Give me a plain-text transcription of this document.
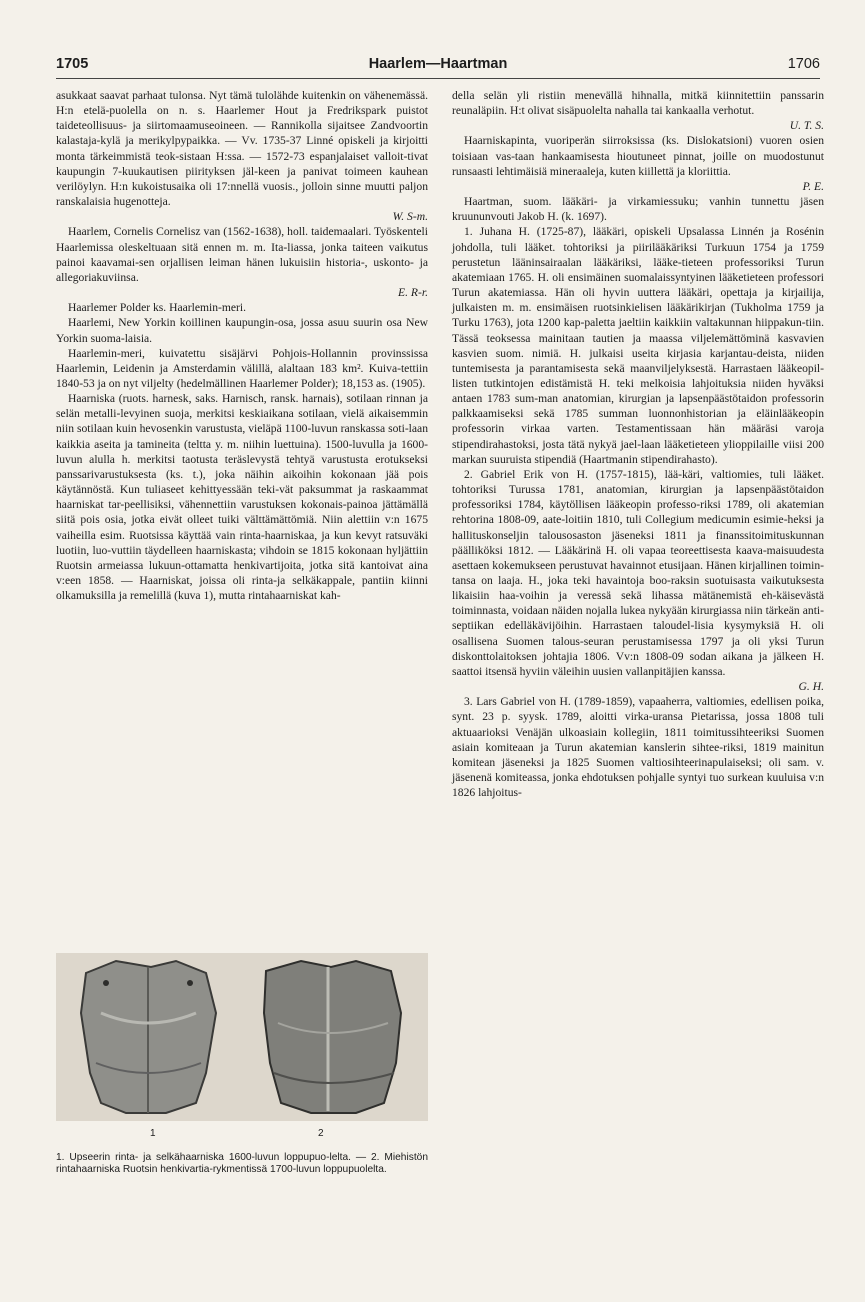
1705	Haarlem—Haartman	1706

asukkaat saavat parhaat tulonsa. Nyt tämä tulolähde kuitenkin on vähenemässä. H:n etelä-puolella on n. s. Haarlemer Hout ja Fredrikspark puistot taideteollisuus- ja siirtomaamuseoineen. — Rannikolla sijaitsee Zandvoortin kalastaja-kylä ja merikylpypaikka. — Vv. 1735-37 Linné opiskeli ja kirjoitti monta tärkeimmistä teok-sistaan H:ssa. — 1572-73 espanjalaiset valloit-tivat kaupungin 7-kuukautisen piirityksen jäl-keen ja panivat toimeen kauhean verilöylyn. H:n kukoistusaika oli 17:nnellä vuosis., jolloin sinne muutti paljon ranskalaisia hugenotteja.

W. S-m.

Haarlem, Cornelis Cornelisz van (1562-1638), holl. taidemaalari. Työskenteli Haarlemissa oleskeltuaan sitä ennen m. m. Ita-liassa, jonka taiteen vaikutus painoi kaavamai-sen orjallisen leiman hänen lukuisiin historia-, uskonto- ja allegoriakuviinsa.

E. R-r.

Haarlemer Polder ks. Haarlemin-meri.

Haarlemi, New Yorkin koillinen kaupungin-osa, jossa asuu suurin osa New Yorkin suoma-laisia.

Haarlemin-meri, kuivatettu sisäjärvi Pohjois-Hollannin provinssissa Haarlemin, Leidenin ja Amsterdamin välillä, alaltaan 183 km². Kuiva-tettiin 1840-53 ja on nyt viljelty (hedelmällinen Haarlemer Polder); 18,153 as. (1905).

Haarniska (ruots. harnesk, saks. Harnisch, ransk. harnais), sotilaan rinnan ja selän metalli-levyinen suoja, merkitsi keskiaikana sotilaan, vielä aikaisemmin niin sotilaan kuin hevosenkin varustusta, vieläpä 1100-luvun ranskassa soti-laan kaikkia aseita ja tamineita (teltta y. m. niihin luettuina). 1500-luvulla ja 1600-luvun alulla h. merkitsi taotusta teräslevystä tehtyä varustusta erotukseksi panssarivarustuksesta (ks. t.), joka näihin aikoihin kokonaan jää pois käytännöstä. Kun tuliaseet kehittyessään teki-vät paksummat ja raskaammat haarniskat tar-peellisiksi, vähennettiin varustuksen kokonais-painoa jättämällä siitä pois osia, jotka eivät olleet tuiki välttämättömiä. Niin alettiin v:n 1675 vaiheilla esim. Ruotsissa käyttää vain rinta-haarniskaa, ja kun kevyt ratsuväki luotiin, luo-vuttiin täydelleen haarniskasta; vihdoin se 1815 kokonaan hyljättiin Ruotsin armeiassa lukuun-ottamatta henkivartijoita, jotka sitä kantoivat aina v:een 1858. — Haarniskat, joissa oli rinta-ja selkäkappale, pantiin kiinni olkamuksilla ja remelillä (kuva 1), mutta rintahaarniskat kah-

1	2
1. Upseerin rinta- ja selkähaarniska 1600-luvun loppupuo-lelta. — 2. Miehistön rintahaarniska Ruotsin henkivartia-rykmentissä 1700-luvun loppupuolelta.

della selän yli ristiin menevällä hihnalla, mitkä kiinnitettiin panssarin reunaläpiin. H:t olivat sisäpuolelta nahalla tai kankaalla verhotut.

U. T. S.

Haarniskapinta, vuoriperän siirroksissa (ks. Dislokatsioni) vuoren osien toisiaan vas-taan hankaamisesta hioutuneet pinnat, joille on muodostunut runsaasti lehtimäisiä mineraaleja, kuten kiillettä ja kloriittia.

P. E.

Haartman, suom. lääkäri- ja virkamiessuku; vanhin tunnettu jäsen kruununvouti Jakob H. (k. 1697).

1. Juhana H. (1725-87), lääkäri, opiskeli Upsalassa Linnén ja Rosénin johdolla, tuli lääket. tohtoriksi ja piirilääkäriksi Turkuun 1754 ja 1759 perustetun lääninsairaalan lääkäriksi, lääke-tieteen professoriksi Turun akatemiaan 1765. H. oli ensimäinen suomalaissyntyinen lääketieteen professori Turun akatemiassa. Hän oli hyvin uuttera lääkäri, opettaja ja kirjailija, julkaisten m. m. ensimäisen ruotsinkielisen lääkärikirjan (Tukholma 1759 ja Turku 1763), jota 1200 kap-paletta jaeltiin kaikkiin valtakunnan hiippakun-tiin. Tässä teoksessa mainitaan tautien ja maassa viljelemättöminä kasvavien kasvien suom. nimiä. H. julkaisi useita kirjasia karjantau-deista, niiden tuntemisesta ja parantamisesta sekä maanviljelyksestä. Harrastaen lääkeopil-listen tutkintojen edistämistä H. teki melkoisia lahjoituksia niiden hyväksi antaen 1783 sum-man anatomian, kirurgian ja lapsenpäästötaidon professorin palkkaamiseksi sekä 1785 summan luonnonhistorian ja eläinlääkeopin professorin virkaa varten. Testamentissaan hän määräsi varoja stipendirahastoksi, josta tätä nykyä jael-laan lääketieteen ylioppilaille viisi 200 markan suuruista stipendiä (Haartmanin stipendirahasto).

2. Gabriel Erik von H. (1757-1815), lää-käri, valtiomies, tuli lääket. tohtoriksi Turussa 1781, anatomian, kirurgian ja lapsenpäästötaidon professoriksi 1784, käytöllisen lääkeopin professo-riksi 1789, oli akatemian rehtorina 1808-09, aate-loitiin 1810, tuli Collegium medicumin esimie-heksi ja hallituskonseljin talousosaston jäseneksi 1811 ja finanssitoimituskunnan päälliköksi 1812. — Lääkärinä H. oli vapaa teoreettisesta kaava-maisuudesta asettaen kokemukseen perustuvat havainnot etusijaan. Hänen kirjallinen toimin-tansa on laaja. H., joka teki havaintoja boo-raksin suotuisasta vaikutuksesta likaisiin haa-voihin ja veressä sekä lihassa mätänemistä eh-käisevästä toiminnasta, voidaan näiden nojalla lukea nykyään kirurgiassa niin tärkeän anti-septiikan edelläkävijöihin. Harrastaen taloudel-lisia kysymyksiä H. oli osallisena Suomen talous-seuran perustamisessa 1797 ja oli yksi Turun diskonttolaitoksen johtajia 1806. Vv:n 1808-09 sodan aikana ja jälkeen H. saattoi itsensä hyviin väleihin uusien vallanpitäjien kanssa.

G. H.

3. Lars Gabriel von H. (1789-1859), vapaaherra, valtiomies, edellisen poika, synt. 23 p. syysk. 1789, aloitti virka-uransa Pietarissa, jossa 1808 tuli aktuaarioksi Venäjän ulkoasiain kollegiin, 1811 toimitussihteeriksi Suomen asiain komiteaan ja Turun akatemian kanslerin sihtee-riksi, 1819 mainitun komitean jäseneksi ja 1825 Suomen valtiosihteerinapulaiseksi; oli sam. v. jäsenenä komiteassa, jonka ehdotuksen pohjalle syntyi tuo surkean kuuluisa v:n 1826 lahjoitus-
